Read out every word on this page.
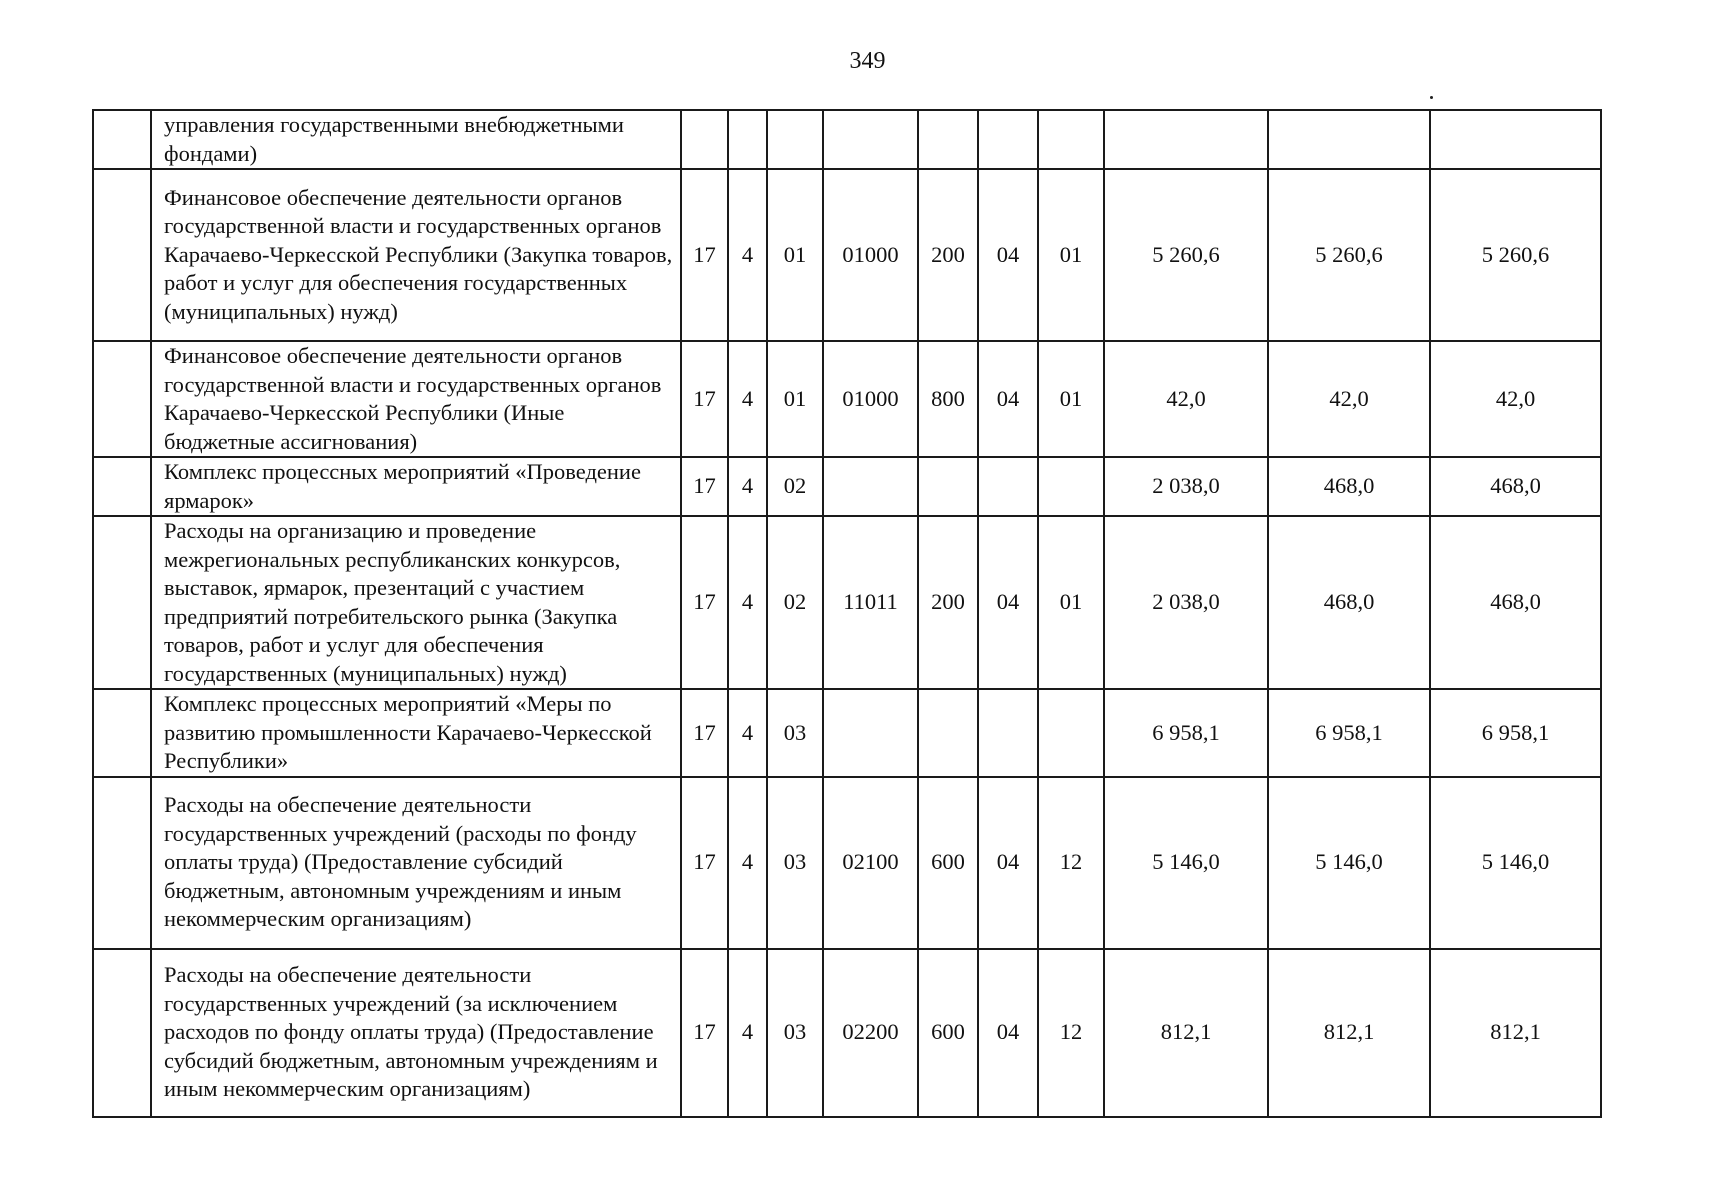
349
	управления государственными внебюджетными фондами)										
	Финансовое обеспечение деятельности органов государственной власти и государственных органов Карачаево-Черкесской Республики (Закупка товаров, работ и услуг для обеспечения государственных (муниципальных) нужд)	17	4	01	01000	200	04	01	5 260,6	5 260,6	5 260,6
	Финансовое обеспечение деятельности органов государственной власти и государственных органов Карачаево-Черкесской Республики (Иные бюджетные ассигнования)	17	4	01	01000	800	04	01	42,0	42,0	42,0
	Комплекс процессных мероприятий «Проведение ярмарок»	17	4	02					2 038,0	468,0	468,0
	Расходы на организацию и проведение межрегиональных республиканских конкурсов, выставок, ярмарок, презентаций с участием предприятий потребительского рынка (Закупка товаров, работ и услуг для обеспечения государственных (муниципальных) нужд)	17	4	02	11011	200	04	01	2 038,0	468,0	468,0
	Комплекс процессных мероприятий «Меры по развитию промышленности Карачаево-Черкесской Республики»	17	4	03					6 958,1	6 958,1	6 958,1
	Расходы на обеспечение деятельности государственных учреждений (расходы по фонду оплаты труда) (Предоставление субсидий бюджетным, автономным учреждениям и иным некоммерческим организациям)	17	4	03	02100	600	04	12	5 146,0	5 146,0	5 146,0
	Расходы на обеспечение деятельности государственных учреждений (за исключением расходов по фонду оплаты труда) (Предоставление субсидий бюджетным, автономным учреждениям и иным некоммерческим организациям)	17	4	03	02200	600	04	12	812,1	812,1	812,1
